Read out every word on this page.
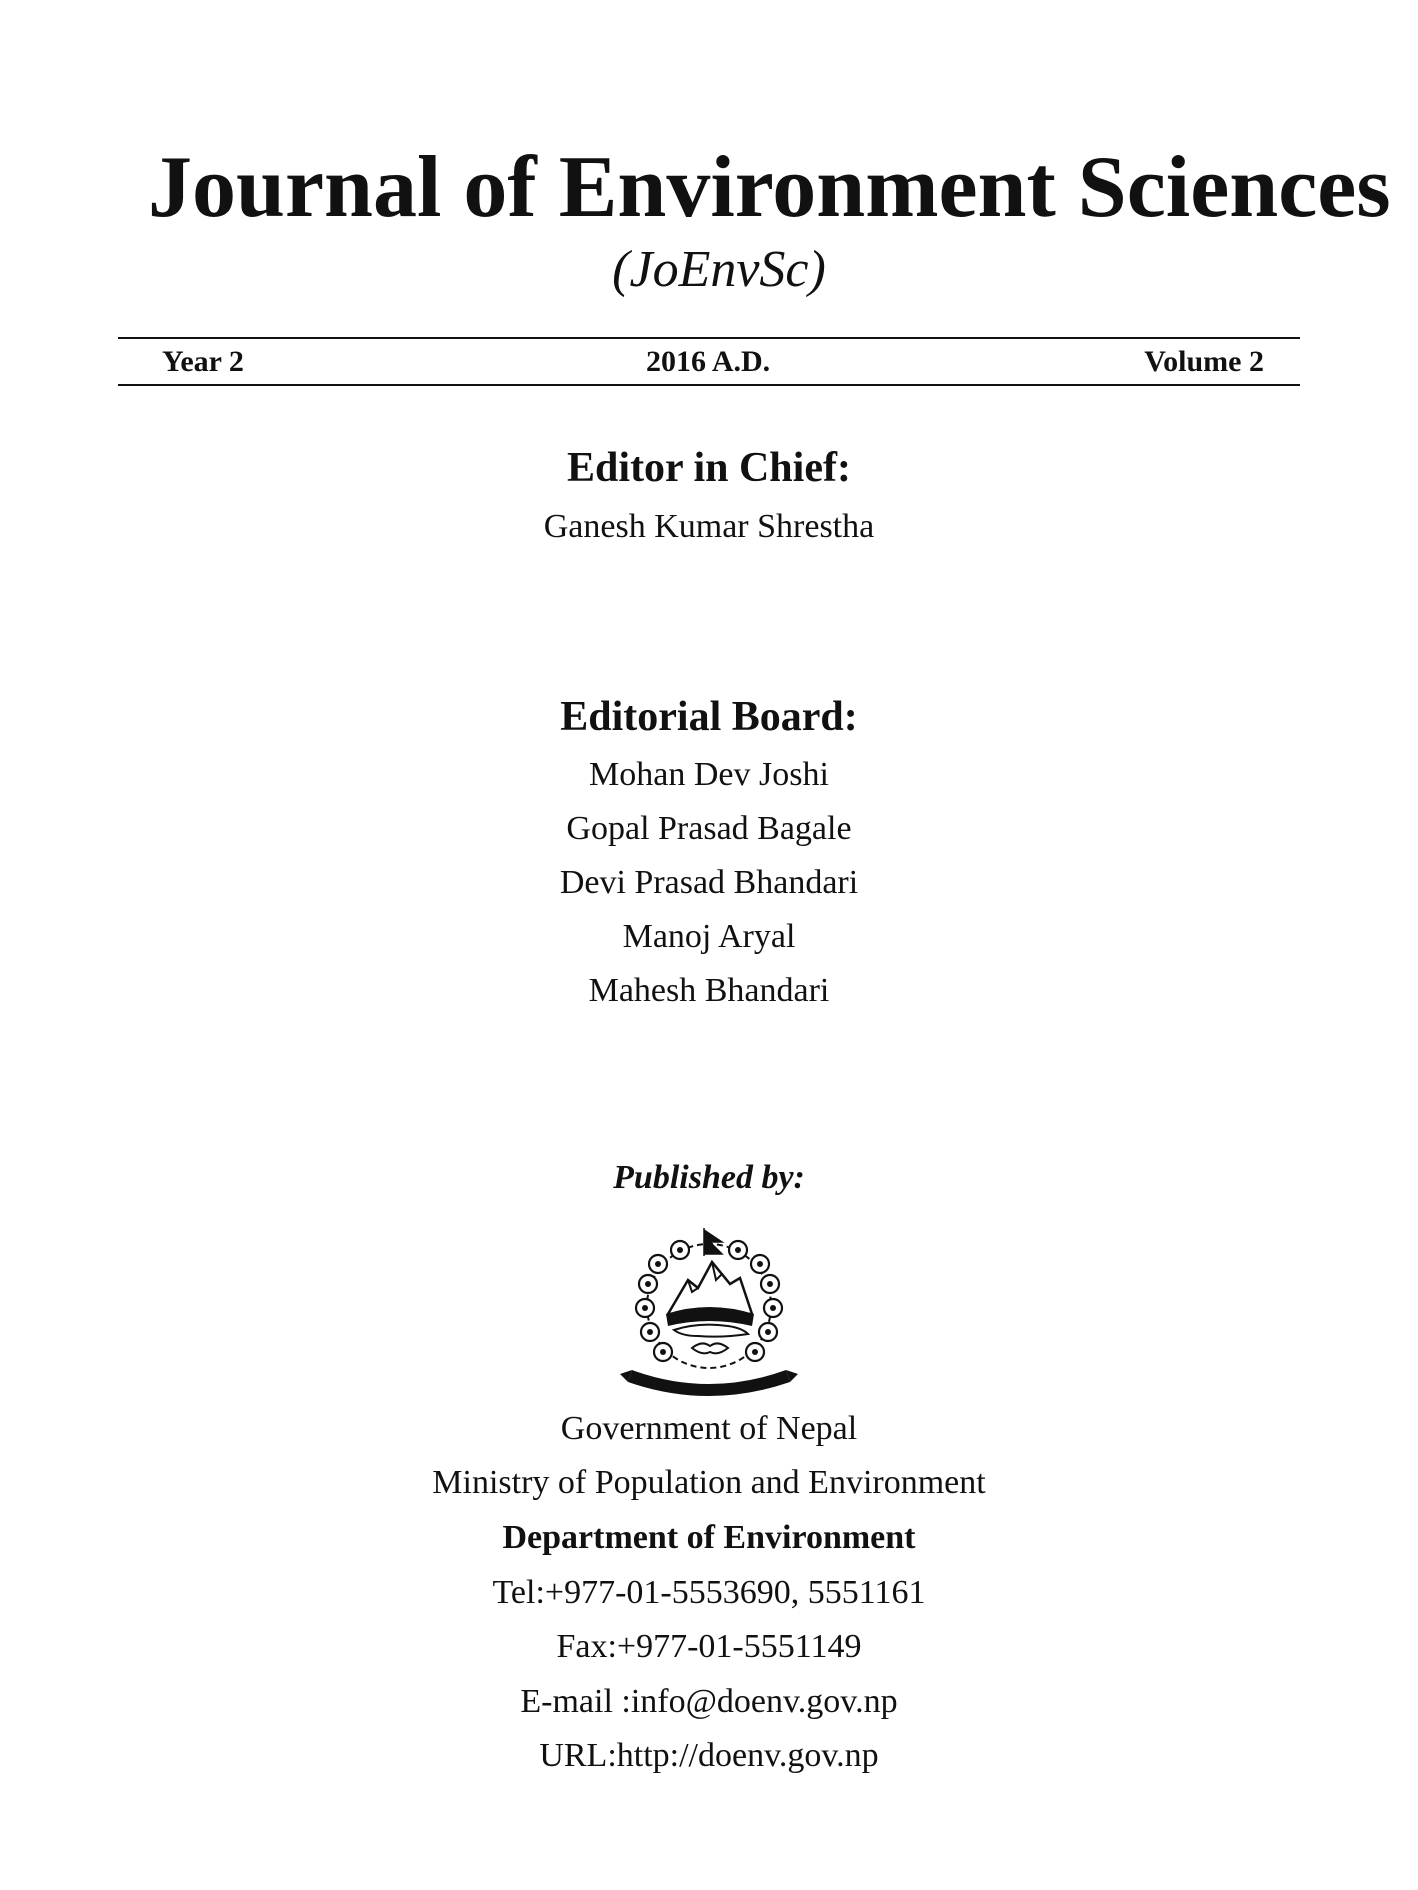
Journal of Environment Sciences
(JoEnvSc)
Year 2	2016 A.D.	Volume 2
Editor in Chief:
Ganesh Kumar Shrestha
Editorial Board:
Mohan Dev Joshi
Gopal Prasad Bagale
Devi Prasad Bhandari
Manoj Aryal
Mahesh Bhandari
Published by:
Government of Nepal
Ministry of Population and Environment
Department of Environment
Tel:+977-01-5553690, 5551161
Fax:+977-01-5551149
E-mail :info@doenv.gov.np
URL:http://doenv.gov.np
